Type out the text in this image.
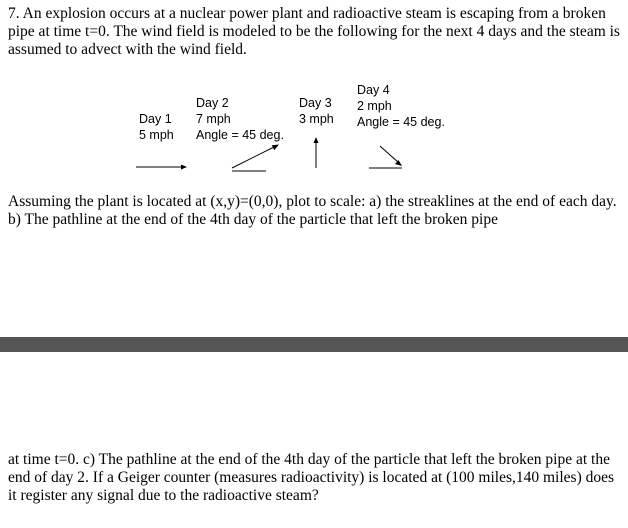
7. An explosion occurs at a nuclear power plant and radioactive steam is escaping from a broken pipe at time t=0. The wind field is modeled to be the following for the next 4 days and the steam is assumed to advect with the wind field.

Day 1

5 mph

Day 2

7 mph

Angle = 45 deg.

Day 3

3 mph

Day 4

2 mph

Angle = 45 deg.

Assuming the plant is located at (x,y)=(0,0), plot to scale: a) the streaklines at the end of each day. b) The pathline at the end of the 4th day of the particle that left the broken pipe

at time t=0. c) The pathline at the end of the 4th day of the particle that left the broken pipe at the end of day 2. If a Geiger counter (measures radioactivity) is located at (100 miles,140 miles) does it register any signal due to the radioactive steam?
